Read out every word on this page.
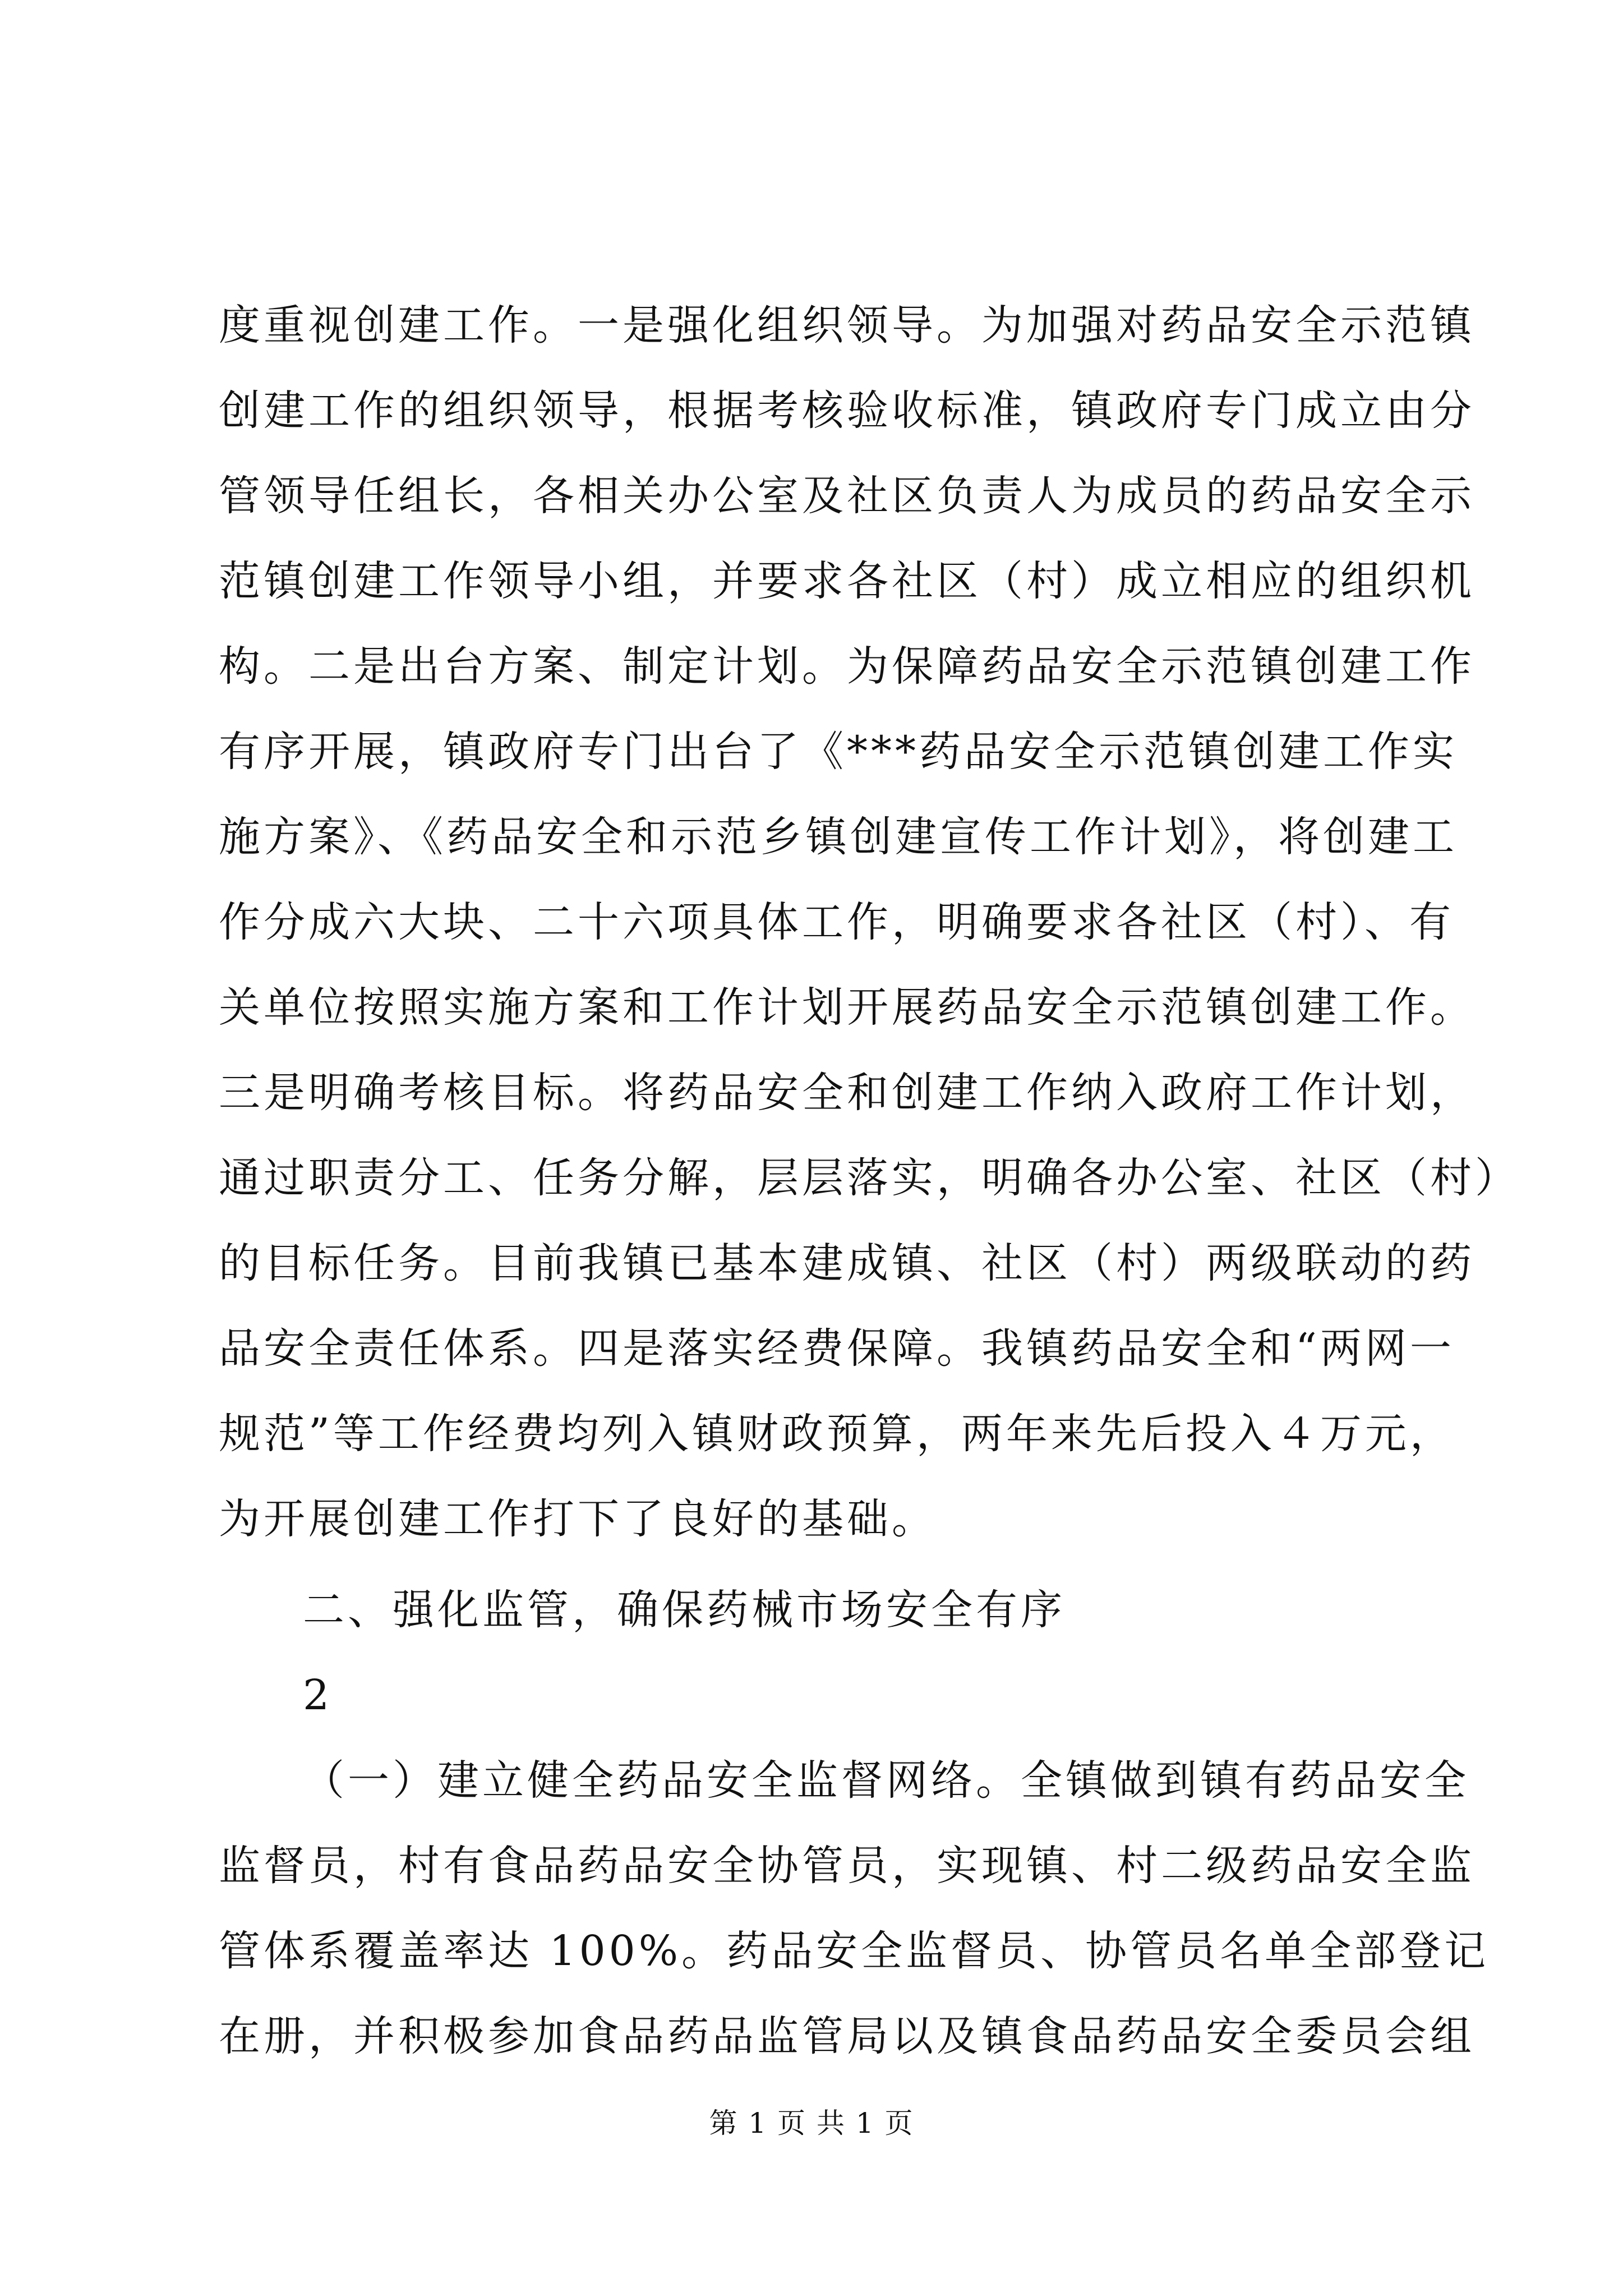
度重视创建工作。一是强化组织领导。为加强对药品安全示范镇
创建工作的组织领导，根据考核验收标准，镇政府专门成立由分
管领导任组长，各相关办公室及社区负责人为成员的药品安全示
范镇创建工作领导小组，并要求各社区（村）成立相应的组织机
构。二是出台方案、制定计划。为保障药品安全示范镇创建工作
有序开展，镇政府专门出台了《***药品安全示范镇创建工作实
施方案》、《药品安全和示范乡镇创建宣传工作计划》，将创建工
作分成六大块、二十六项具体工作，明确要求各社区（村）、有
关单位按照实施方案和工作计划开展药品安全示范镇创建工作。
三是明确考核目标。将药品安全和创建工作纳入政府工作计划，
通过职责分工、任务分解，层层落实，明确各办公室、社区（村）
的目标任务。目前我镇已基本建成镇、社区（村）两级联动的药
品安全责任体系。四是落实经费保障。我镇药品安全和“两网一
规范”等工作经费均列入镇财政预算，两年来先后投入４万元，
为开展创建工作打下了良好的基础。
二、强化监管，确保药械市场安全有序
2
（一）建立健全药品安全监督网络。全镇做到镇有药品安全
监督员，村有食品药品安全协管员，实现镇、村二级药品安全监
管体系覆盖率达 100%。药品安全监督员、协管员名单全部登记
在册，并积极参加食品药品监管局以及镇食品药品安全委员会组
第 1 页 共 1 页
